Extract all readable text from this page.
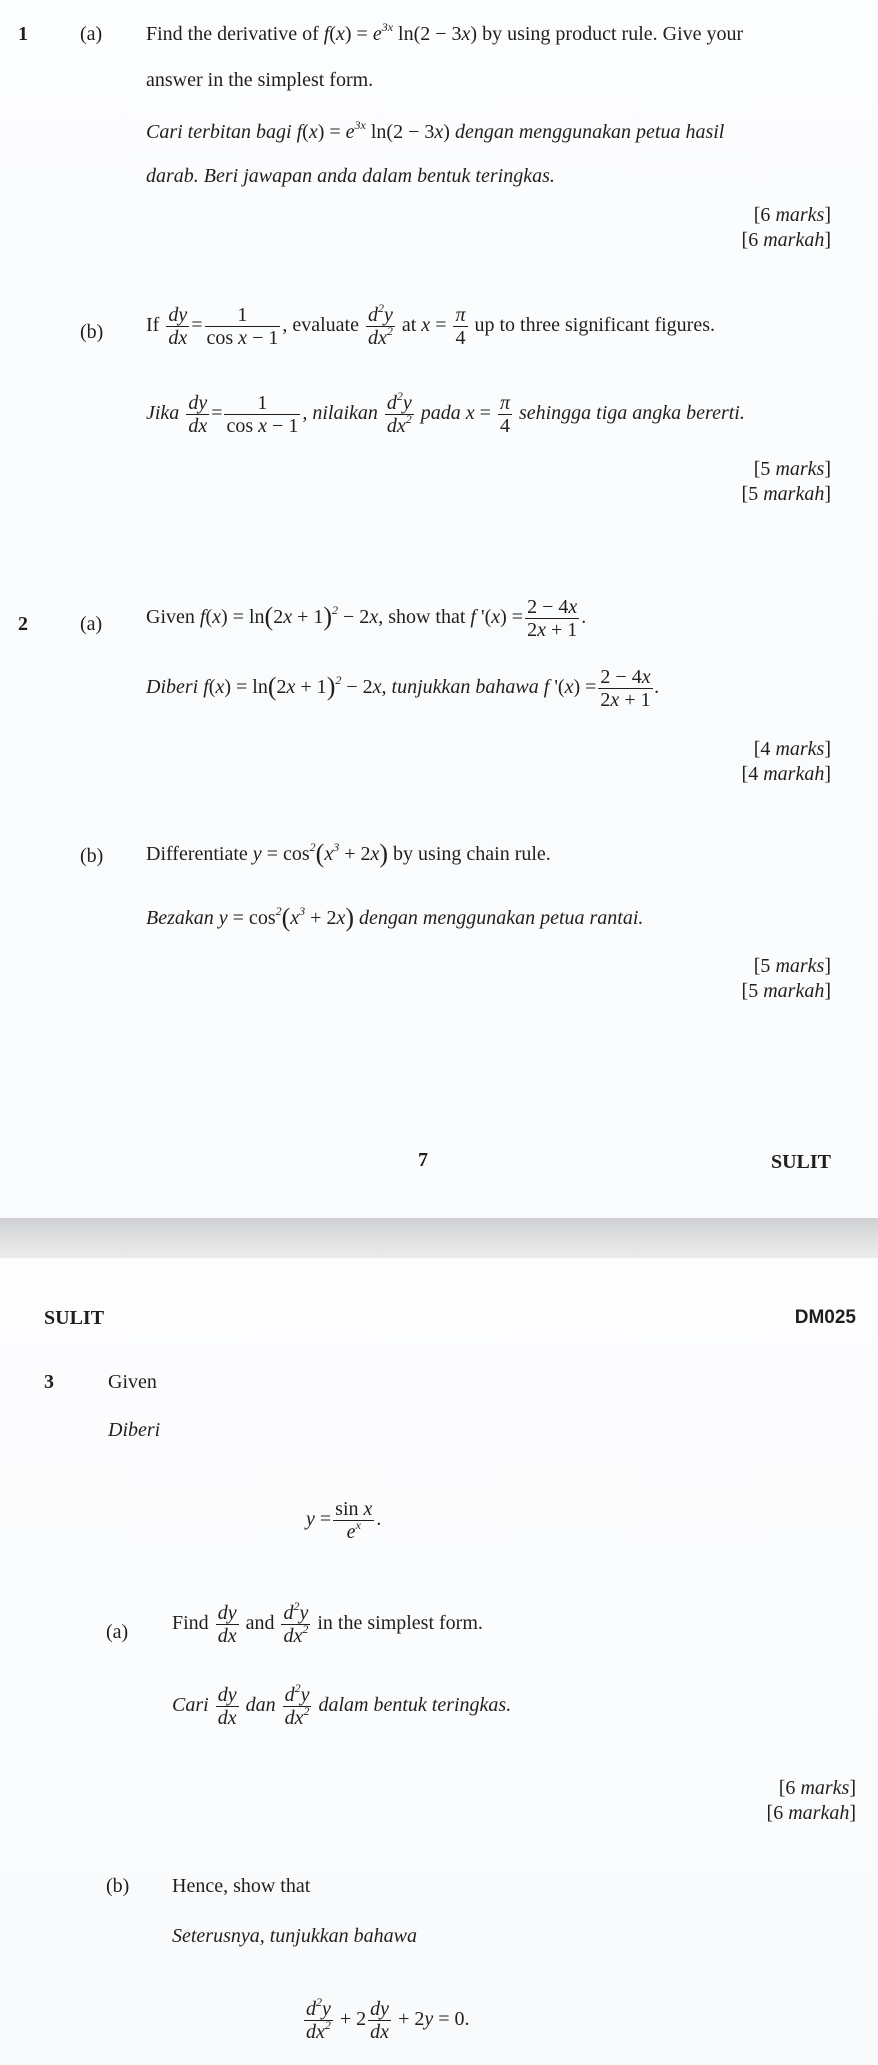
1	(a) Find the derivative of $f(x) = e^{3x}$ ln(2 − 3x) by using product rule. Give your
answer in the simplest form.
Cari terbitan bagi $f(x) = e^{3x}$ ln(2 − 3x) dengan menggunakan petua hasil
darab. Beri jawapan anda dalam bentuk teringkas.
[6 marks]
[6 markah]
(b) If $\frac{dy}{dx} = \frac{1}{\text{cos x − 1}}$ , evaluate $\frac{d^2y}{dx^2}$ at $x = \frac{\pi}{4}$ up to three significant figures.
Jika $\frac{dy}{dx} = \frac{1}{\text{cos x − 1}}$ , nilaikan $\frac{d^2y}{dx^2}$ pada $x = \frac{\pi}{4}$ sehingga tiga angka bererti.
[5 marks]
[5 markah]
2	(a) Given $f(x) = \ln(2x + 1)^2 - 2x$, show that f '$(x) = \frac{2 - 4x}{2x + 1}$ .
Diberi $f(x) = \ln(2x + 1)^2 - 2x$, tunjukkan bahawa f '$(x) = \frac{2 - 4x}{2x + 1}$ .
[4 marks]
[4 markah]
(b) Differentiate $y = \cos^2(x^3 + 2x)$ by using chain rule.
Bezakan $y = \cos^2(x^3 + 2x)$ dengan menggunakan petua rantai.
[5 marks]
[5 markah]
7	SULIT
SULIT	DM025
3	Given
Diberi
$y = \frac{\text{sin x}}{e^x}$ .
(a) Find $\frac{dy}{dx}$ and $\frac{d^2y}{dx^2}$ in the simplest form.
Cari $\frac{dy}{dx}$ dan $\frac{d^2y}{dx^2}$ dalam bentuk teringkas.
[6 marks]
[6 markah]
(b) Hence, show that
Seterusnya, tunjukkan bahawa
$\frac{d^2y}{dx^2} + 2 \frac{dy}{dx} + 2y = 0$.
